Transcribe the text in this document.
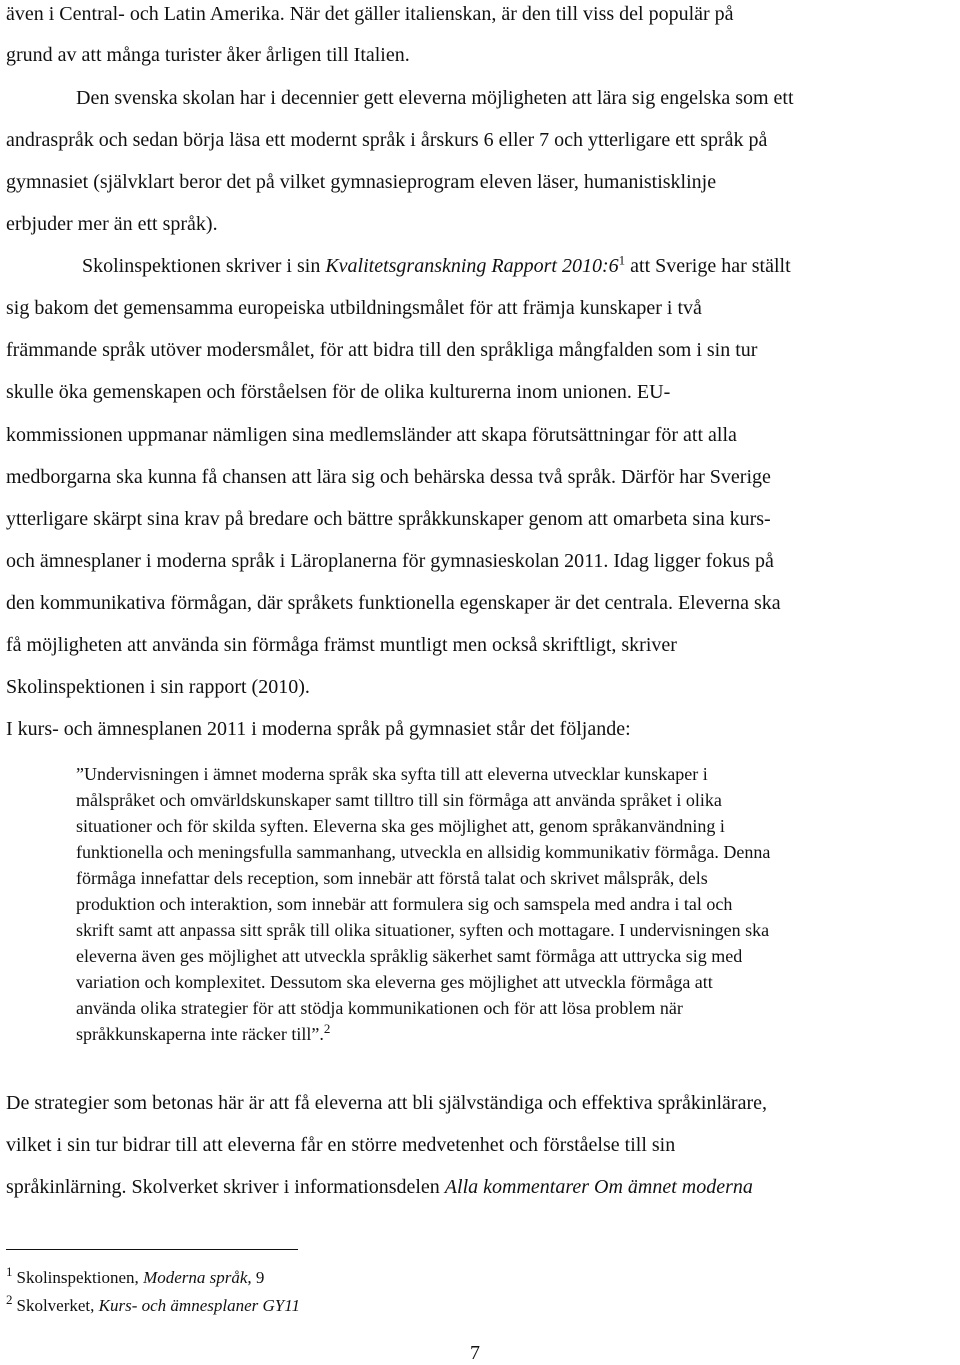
även i Central- och Latin Amerika. När det gäller italienskan, är den till viss del populär på
grund av att många turister åker årligen till Italien.
Den svenska skolan har i decennier gett eleverna möjligheten att lära sig engelska som ett
andraspråk och sedan börja läsa ett modernt språk i årskurs 6 eller 7 och ytterligare ett språk på
gymnasiet (självklart beror det på vilket gymnasieprogram eleven läser, humanistisklinje
erbjuder mer än ett språk).
Skolinspektionen skriver i sin Kvalitetsgranskning Rapport $2010:6^1$ att Sverige har ställt
sig bakom det gemensamma europeiska utbildningsmålet för att främja kunskaper i två
främmande språk utöver modersmålet, för att bidra till den språkliga mångfalden som i sin tur
skulle öka gemenskapen och förståelsen för de olika kulturerna inom unionen. EU-
kommissionen uppmanar nämligen sina medlemsländer att skapa förutsättningar för att alla
medborgarna ska kunna få chansen att lära sig och behärska dessa två språk. Därför har Sverige
ytterligare skärpt sina krav på bredare och bättre språkkunskaper genom att omarbeta sina kurs-
och ämnesplaner i moderna språk i Läroplanerna för gymnasieskolan 2011. Idag ligger fokus på
den kommunikativa förmågan, där språkets funktionella egenskaper är det centrala. Eleverna ska
få möjligheten att använda sin förmåga främst muntligt men också skriftligt, skriver
Skolinspektionen i sin rapport (2010).
I kurs- och ämnesplanen 2011 i moderna språk på gymnasiet står det följande:
”Undervisningen i ämnet moderna språk ska syfta till att eleverna utvecklar kunskaper i
målspråket och omvärldskunskaper samt tilltro till sin förmåga att använda språket i olika
situationer och för skilda syften. Eleverna ska ges möjlighet att, genom språkanvändning i
funktionella och meningsfulla sammanhang, utveckla en allsidig kommunikativ förmåga. Denna
förmåga innefattar dels reception, som innebär att förstå talat och skrivet målspråk, dels
produktion och interaktion, som innebär att formulera sig och samspela med andra i tal och
skrift samt att anpassa sitt språk till olika situationer, syften och mottagare. I undervisningen ska
eleverna även ges möjlighet att utveckla språklig säkerhet samt förmåga att uttrycka sig med
variation och komplexitet. Dessutom ska eleverna ges möjlighet att utveckla förmåga att
använda olika strategier för att stödja kommunikationen och för att lösa problem när
språkkunskaperna inte räcker till”.$^2$
De strategier som betonas här är att få eleverna att bli självständiga och effektiva språkinlärare,
vilket i sin tur bidrar till att eleverna får en större medvetenhet och förståelse till sin
språkinlärning. Skolverket skriver i informationsdelen Alla kommentarer Om ämnet moderna
$^1$ Skolinspektionen, Moderna språk, 9
$^2$ Skolverket, Kurs- och ämnesplaner GY11
7
